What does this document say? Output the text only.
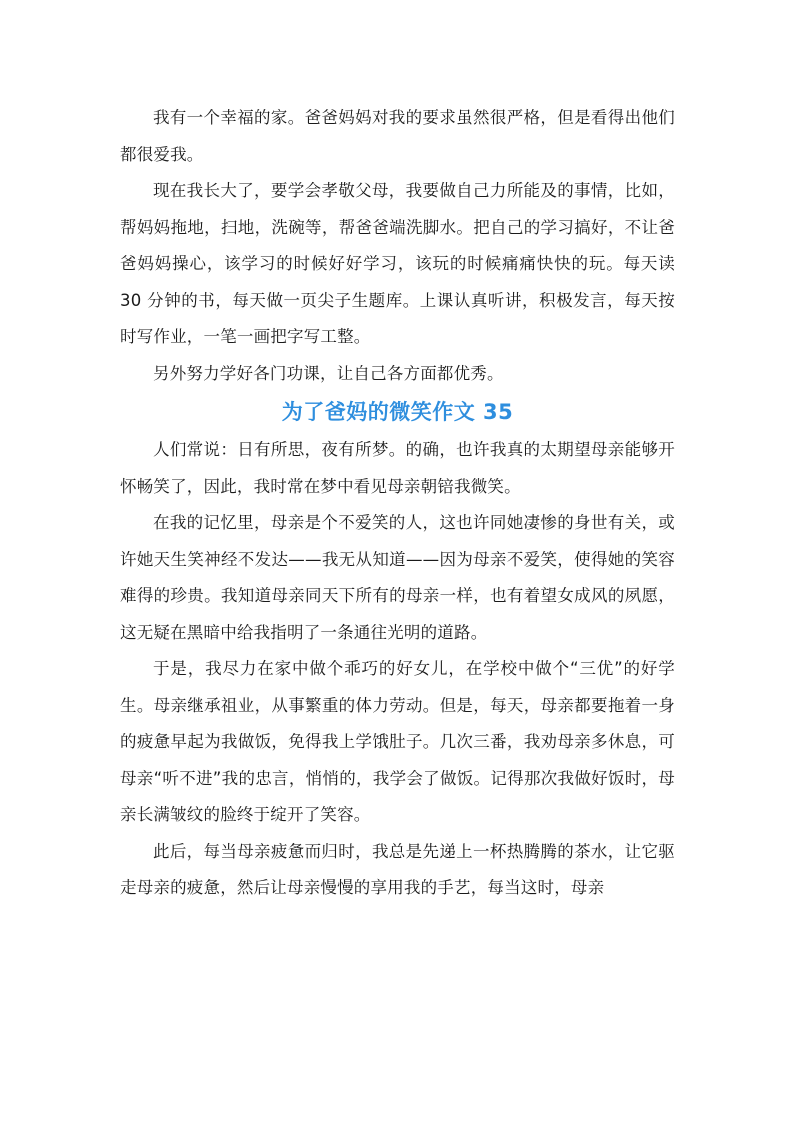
我有一个幸福的家。爸爸妈妈对我的要求虽然很严格，但是看得出他们都很爱我。

现在我长大了，要学会孝敬父母，我要做自己力所能及的事情，比如，帮妈妈拖地，扫地，洗碗等，帮爸爸端洗脚水。把自己的学习搞好，不让爸爸妈妈操心，该学习的时候好好学习，该玩的时候痛痛快快的玩。每天读 30 分钟的书，每天做一页尖子生题库。上课认真听讲，积极发言，每天按时写作业，一笔一画把字写工整。

另外努力学好各门功课，让自己各方面都优秀。

为了爸妈的微笑作文 35

人们常说：日有所思，夜有所梦。的确，也许我真的太期望母亲能够开怀畅笑了，因此，我时常在梦中看见母亲朝锫我微笑。

在我的记忆里，母亲是个不爱笑的人，这也许同她凄惨的身世有关，或许她天生笑神经不发达——我无从知道——因为母亲不爱笑，使得她的笑容难得的珍贵。我知道母亲同天下所有的母亲一样，也有着望女成风的夙愿，这无疑在黑暗中给我指明了一条通往光明的道路。

于是，我尽力在家中做个乖巧的好女儿，在学校中做个“三优”的好学生。母亲继承祖业，从事繁重的体力劳动。但是，每天，母亲都要拖着一身的疲惫早起为我做饭，免得我上学饿肚子。几次三番，我劝母亲多休息，可母亲“听不进”我的忠言，悄悄的，我学会了做饭。记得那次我做好饭时，母亲长满皱纹的脸终于绽开了笑容。

此后，每当母亲疲惫而归时，我总是先递上一杯热腾腾的茶水，让它驱走母亲的疲惫，然后让母亲慢慢的享用我的手艺，每当这时，母亲
